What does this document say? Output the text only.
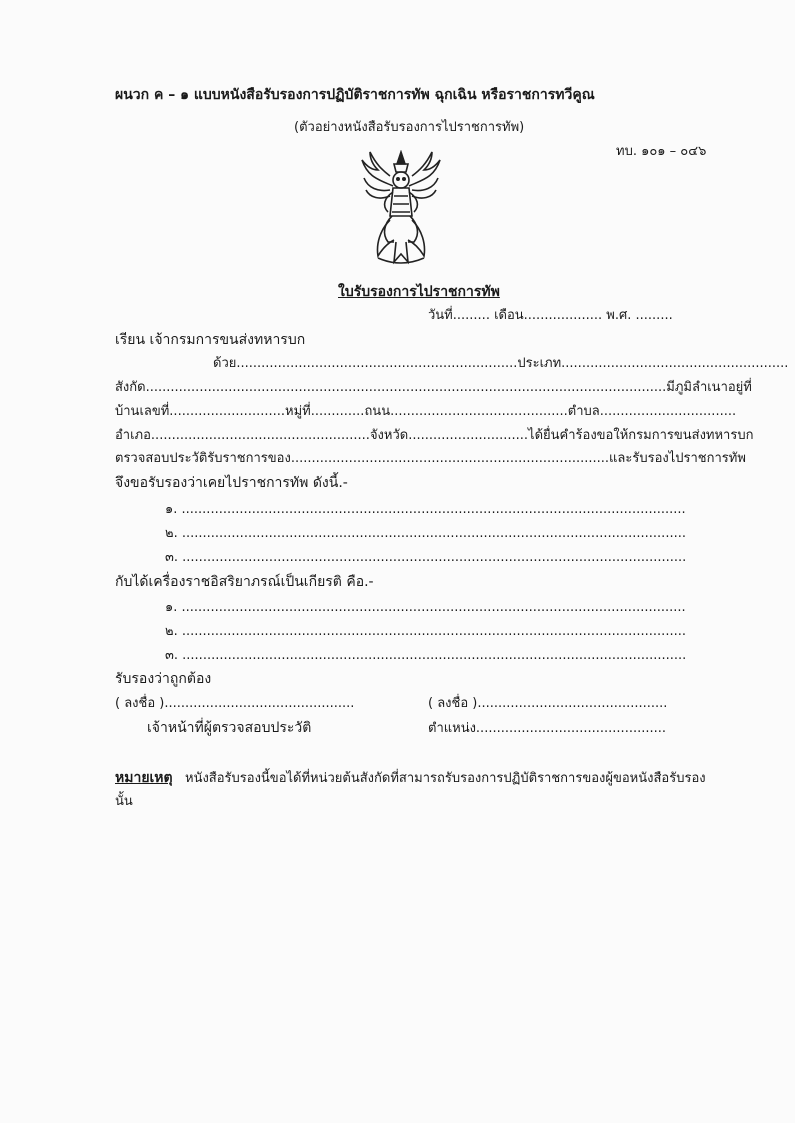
ผนวก ค – ๑ แบบหนังสือรับรองการปฏิบัติราชการทัพ ฉุกเฉิน หรือราชการทวีคูณ
(ตัวอย่างหนังสือรับรองการไปราชการทัพ)
ทบ. ๑๐๑ – ๐๔๖
ใบรับรองการไปราชการทัพ
วันที่......... เดือน................... พ.ศ. .........
เรียน เจ้ากรมการขนส่งทหารบก
ด้วย....................................................................ประเภท.......................................................
สังกัด..............................................................................................................................มีภูมิลำเนาอยู่ที่
บ้านเลขที่............................หมู่ที่.............ถนน...........................................ตำบล.................................
อำเภอ.....................................................จังหวัด.............................ได้ยื่นคำร้องขอให้กรมการขนส่งทหารบก
ตรวจสอบประวัติรับราชการของ.............................................................................และรับรองไปราชการทัพ
จึงขอรับรองว่าเคยไปราชการทัพ ดังนี้.-
๑. ..........................................................................................................................
๒. ..........................................................................................................................
๓. ..........................................................................................................................
กับได้เครื่องราชอิสริยาภรณ์เป็นเกียรติ คือ.-
๑. ..........................................................................................................................
๒. ..........................................................................................................................
๓. ..........................................................................................................................
รับรองว่าถูกต้อง
( ลงชื่อ )..............................................	( ลงชื่อ )..............................................
เจ้าหน้าที่ผู้ตรวจสอบประวัติ	ตำแหน่ง..............................................
หมายเหตุ หนังสือรับรองนี้ขอได้ที่หน่วยต้นสังกัดที่สามารถรับรองการปฏิบัติราชการของผู้ขอหนังสือรับรอง
นั้น
